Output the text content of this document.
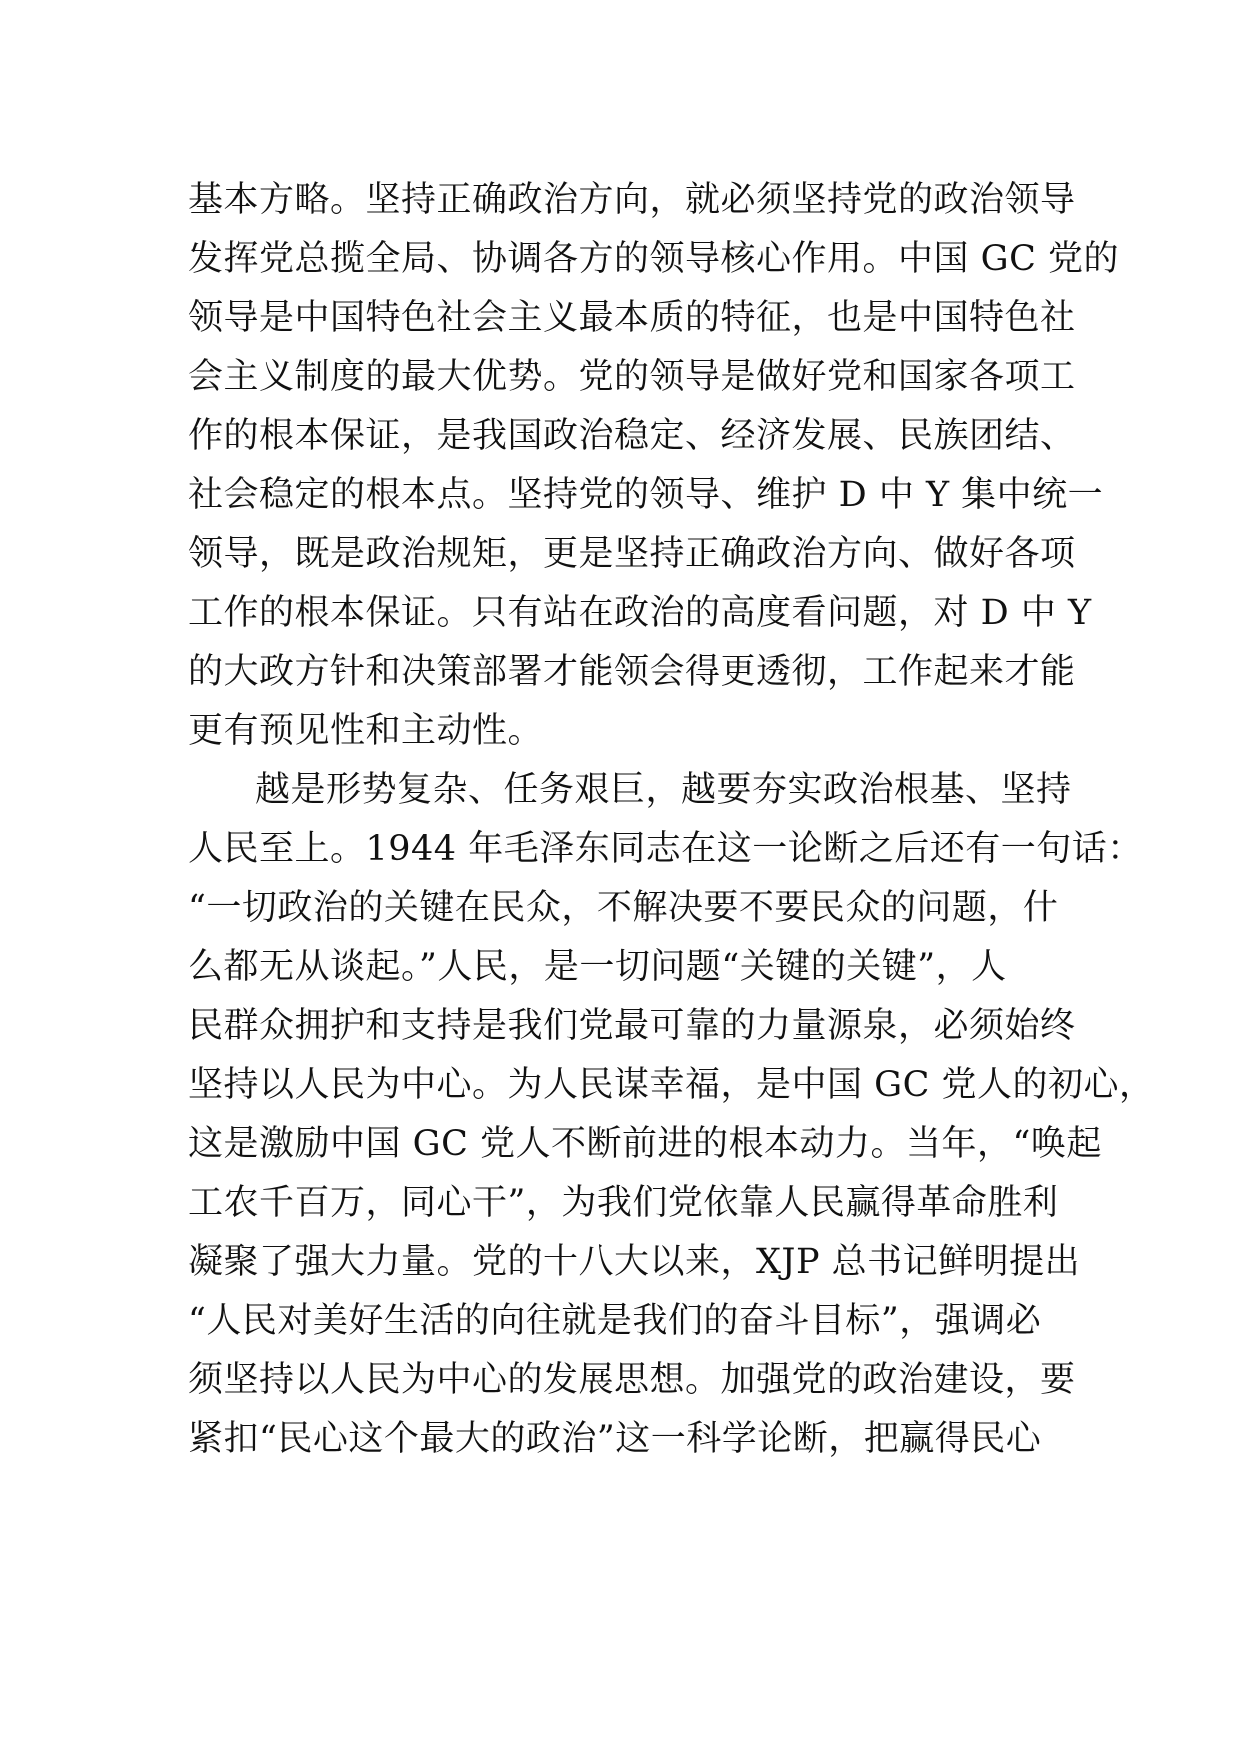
基本方略。坚持正确政治方向，就必须坚持党的政治领导
发挥党总揽全局、协调各方的领导核心作用。中国 GC 党的
领导是中国特色社会主义最本质的特征，也是中国特色社
会主义制度的最大优势。党的领导是做好党和国家各项工
作的根本保证，是我国政治稳定、经济发展、民族团结、
社会稳定的根本点。坚持党的领导、维护 D 中 Y 集中统一
领导，既是政治规矩，更是坚持正确政治方向、做好各项
工作的根本保证。只有站在政治的高度看问题，对 D 中 Y
的大政方针和决策部署才能领会得更透彻，工作起来才能
更有预见性和主动性。
越是形势复杂、任务艰巨，越要夯实政治根基、坚持
人民至上。1944 年毛泽东同志在这一论断之后还有一句话：
“一切政治的关键在民众，不解决要不要民众的问题，什
么都无从谈起。”人民，是一切问题“关键的关键”，人
民群众拥护和支持是我们党最可靠的力量源泉，必须始终
坚持以人民为中心。为人民谋幸福，是中国 GC 党人的初心，
这是激励中国 GC 党人不断前进的根本动力。当年，“唤起
工农千百万，同心干”，为我们党依靠人民赢得革命胜利
凝聚了强大力量。党的十八大以来，XJP 总书记鲜明提出
“人民对美好生活的向往就是我们的奋斗目标”，强调必
须坚持以人民为中心的发展思想。加强党的政治建设，要
紧扣“民心这个最大的政治”这一科学论断，把赢得民心
